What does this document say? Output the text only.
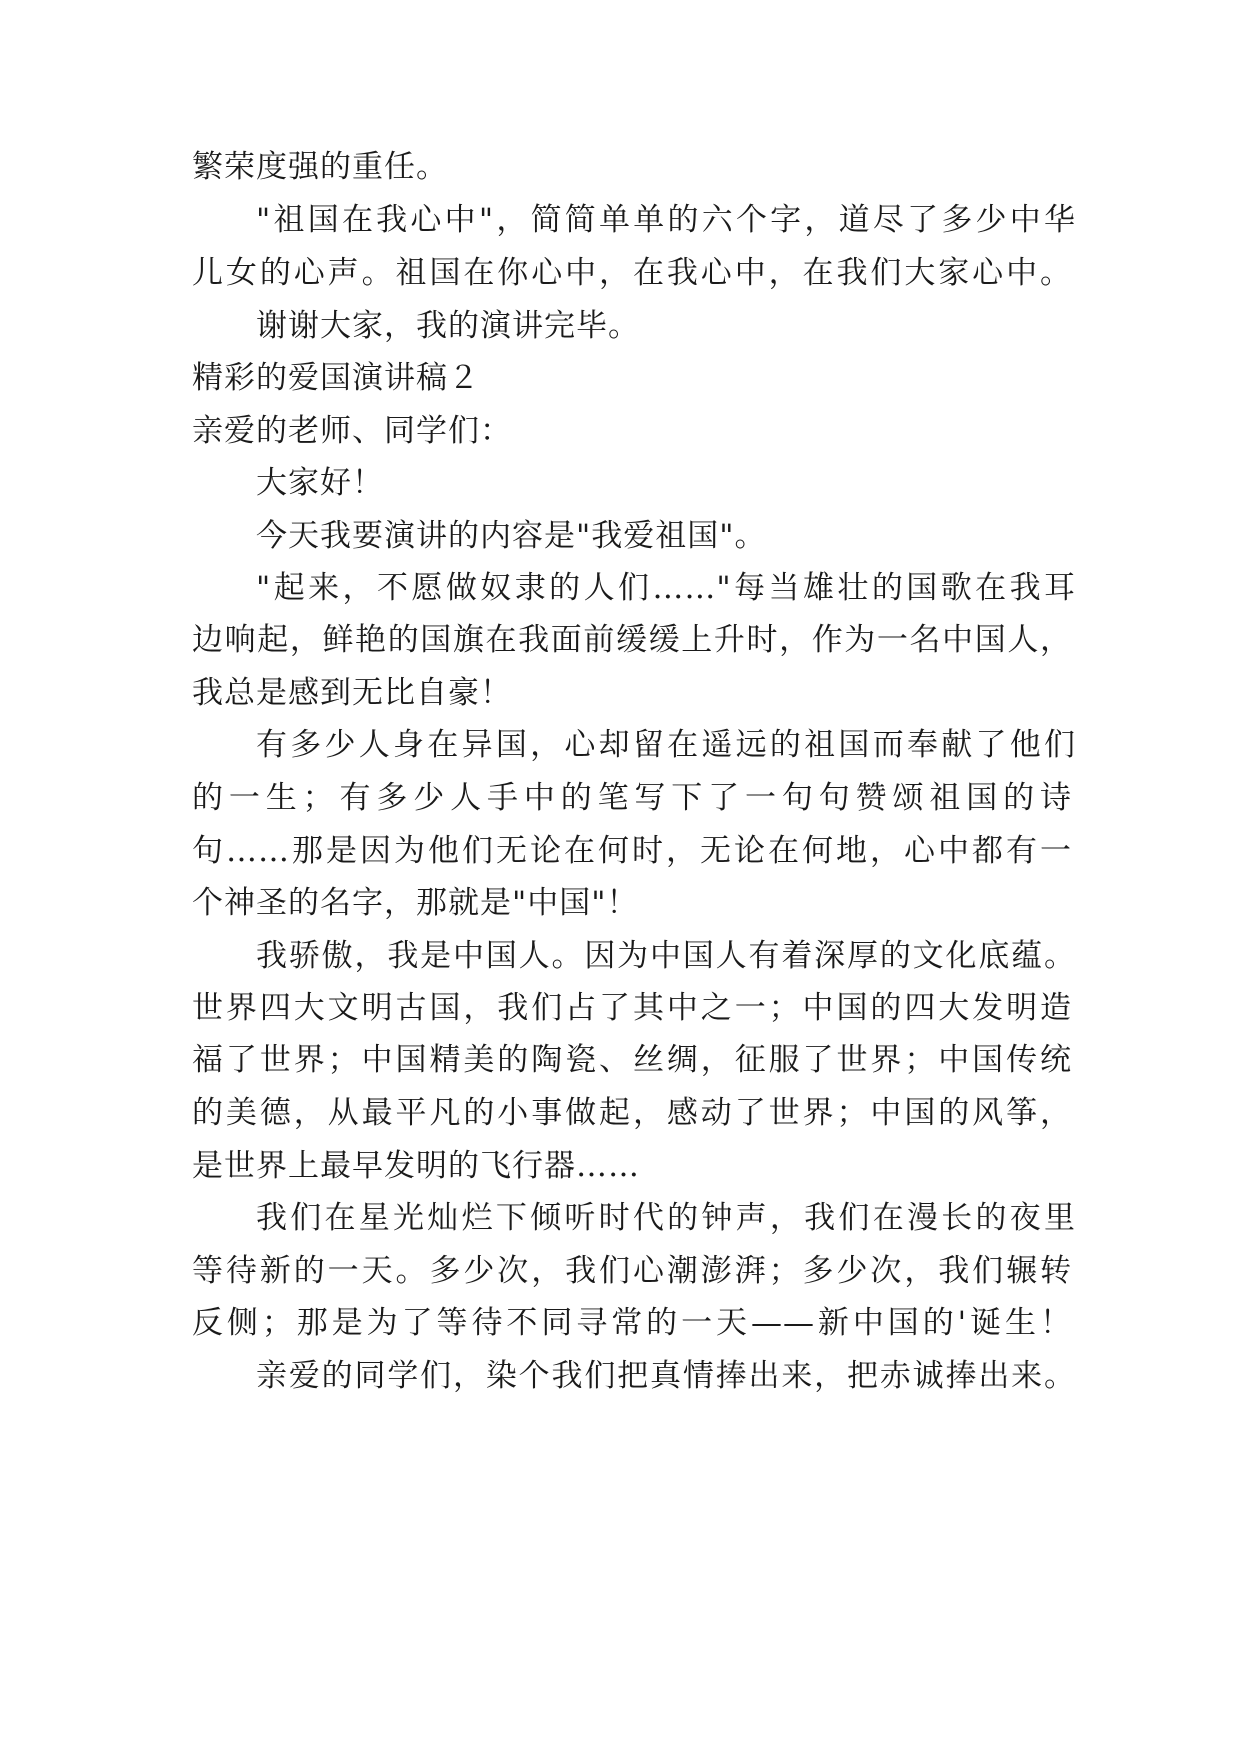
繁荣度强的重任。
"祖国在我心中"，简简单单的六个字，道尽了多少中华
儿女的心声。祖国在你心中，在我心中，在我们大家心中。
谢谢大家，我的演讲完毕。
精彩的爱国演讲稿２
亲爱的老师、同学们：
大家好！
今天我要演讲的内容是"我爱祖国"。
"起来，不愿做奴隶的人们……"每当雄壮的国歌在我耳
边响起，鲜艳的国旗在我面前缓缓上升时，作为一名中国人，
我总是感到无比自豪！
有多少人身在异国，心却留在遥远的祖国而奉献了他们
的一生；有多少人手中的笔写下了一句句赞颂祖国的诗
句……那是因为他们无论在何时，无论在何地，心中都有一
个神圣的名字，那就是"中国"！
我骄傲，我是中国人。因为中国人有着深厚的文化底蕴。
世界四大文明古国，我们占了其中之一；中国的四大发明造
福了世界；中国精美的陶瓷、丝绸，征服了世界；中国传统
的美德，从最平凡的小事做起，感动了世界；中国的风筝，
是世界上最早发明的飞行器……
我们在星光灿烂下倾听时代的钟声，我们在漫长的夜里
等待新的一天。多少次，我们心潮澎湃；多少次，我们辗转
反侧；那是为了等待不同寻常的一天——新中国的'诞生！
亲爱的同学们，染个我们把真情捧出来，把赤诚捧出来。
